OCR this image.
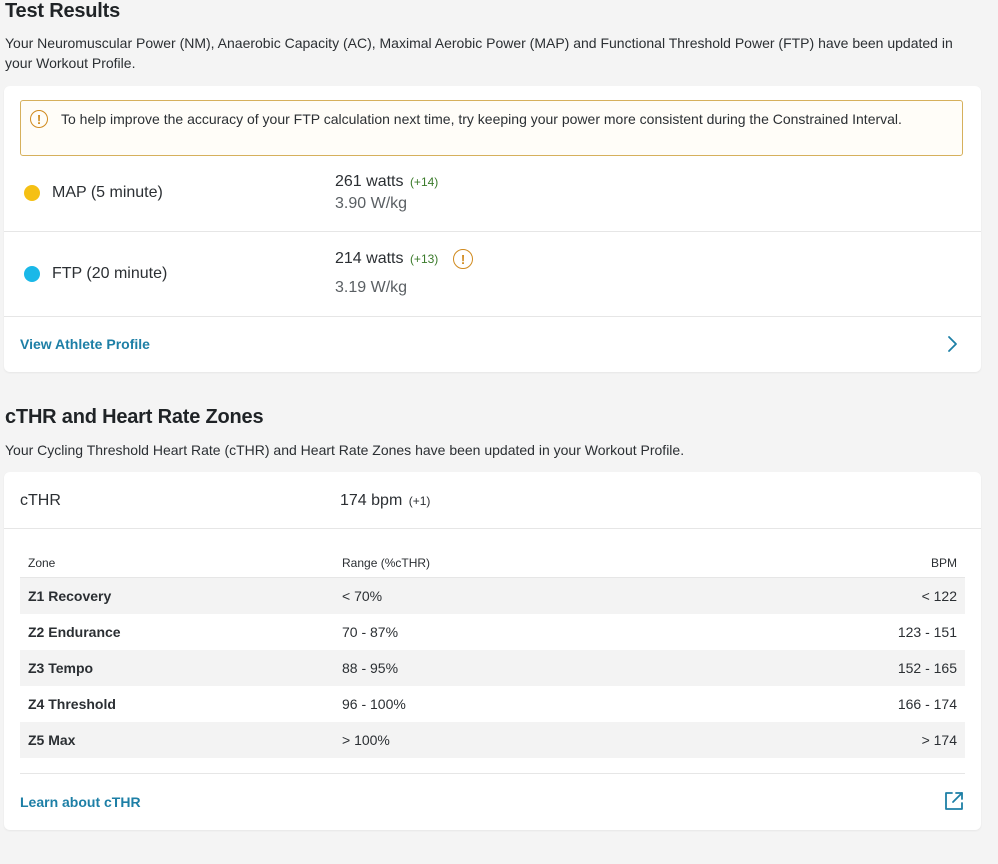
Test Results

Your Neuromuscular Power (NM), Anaerobic Capacity (AC), Maximal Aerobic Power (MAP) and Functional Threshold Power (FTP) have been updated in your Workout Profile.

!	To help improve the accuracy of your FTP calculation next time, try keeping your power more consistent during the Constrained Interval.
MAP (5 minute)
261 watts (+14)
3.90 W/kg
FTP (20 minute)
214 watts (+13)	!
3.19 W/kg
View Athlete Profile
cTHR and Heart Rate Zones

Your Cycling Threshold Heart Rate (cTHR) and Heart Rate Zones have been updated in your Workout Profile.

cTHR	174 bpm (+1)
Zone	Range (%cTHR)	BPM
Z1 Recovery	< 70%	< 122
Z2 Endurance	70 - 87%	123 - 151
Z3 Tempo	88 - 95%	152 - 165
Z4 Threshold	96 - 100%	166 - 174
Z5 Max	> 100%	> 174
Learn about cTHR
